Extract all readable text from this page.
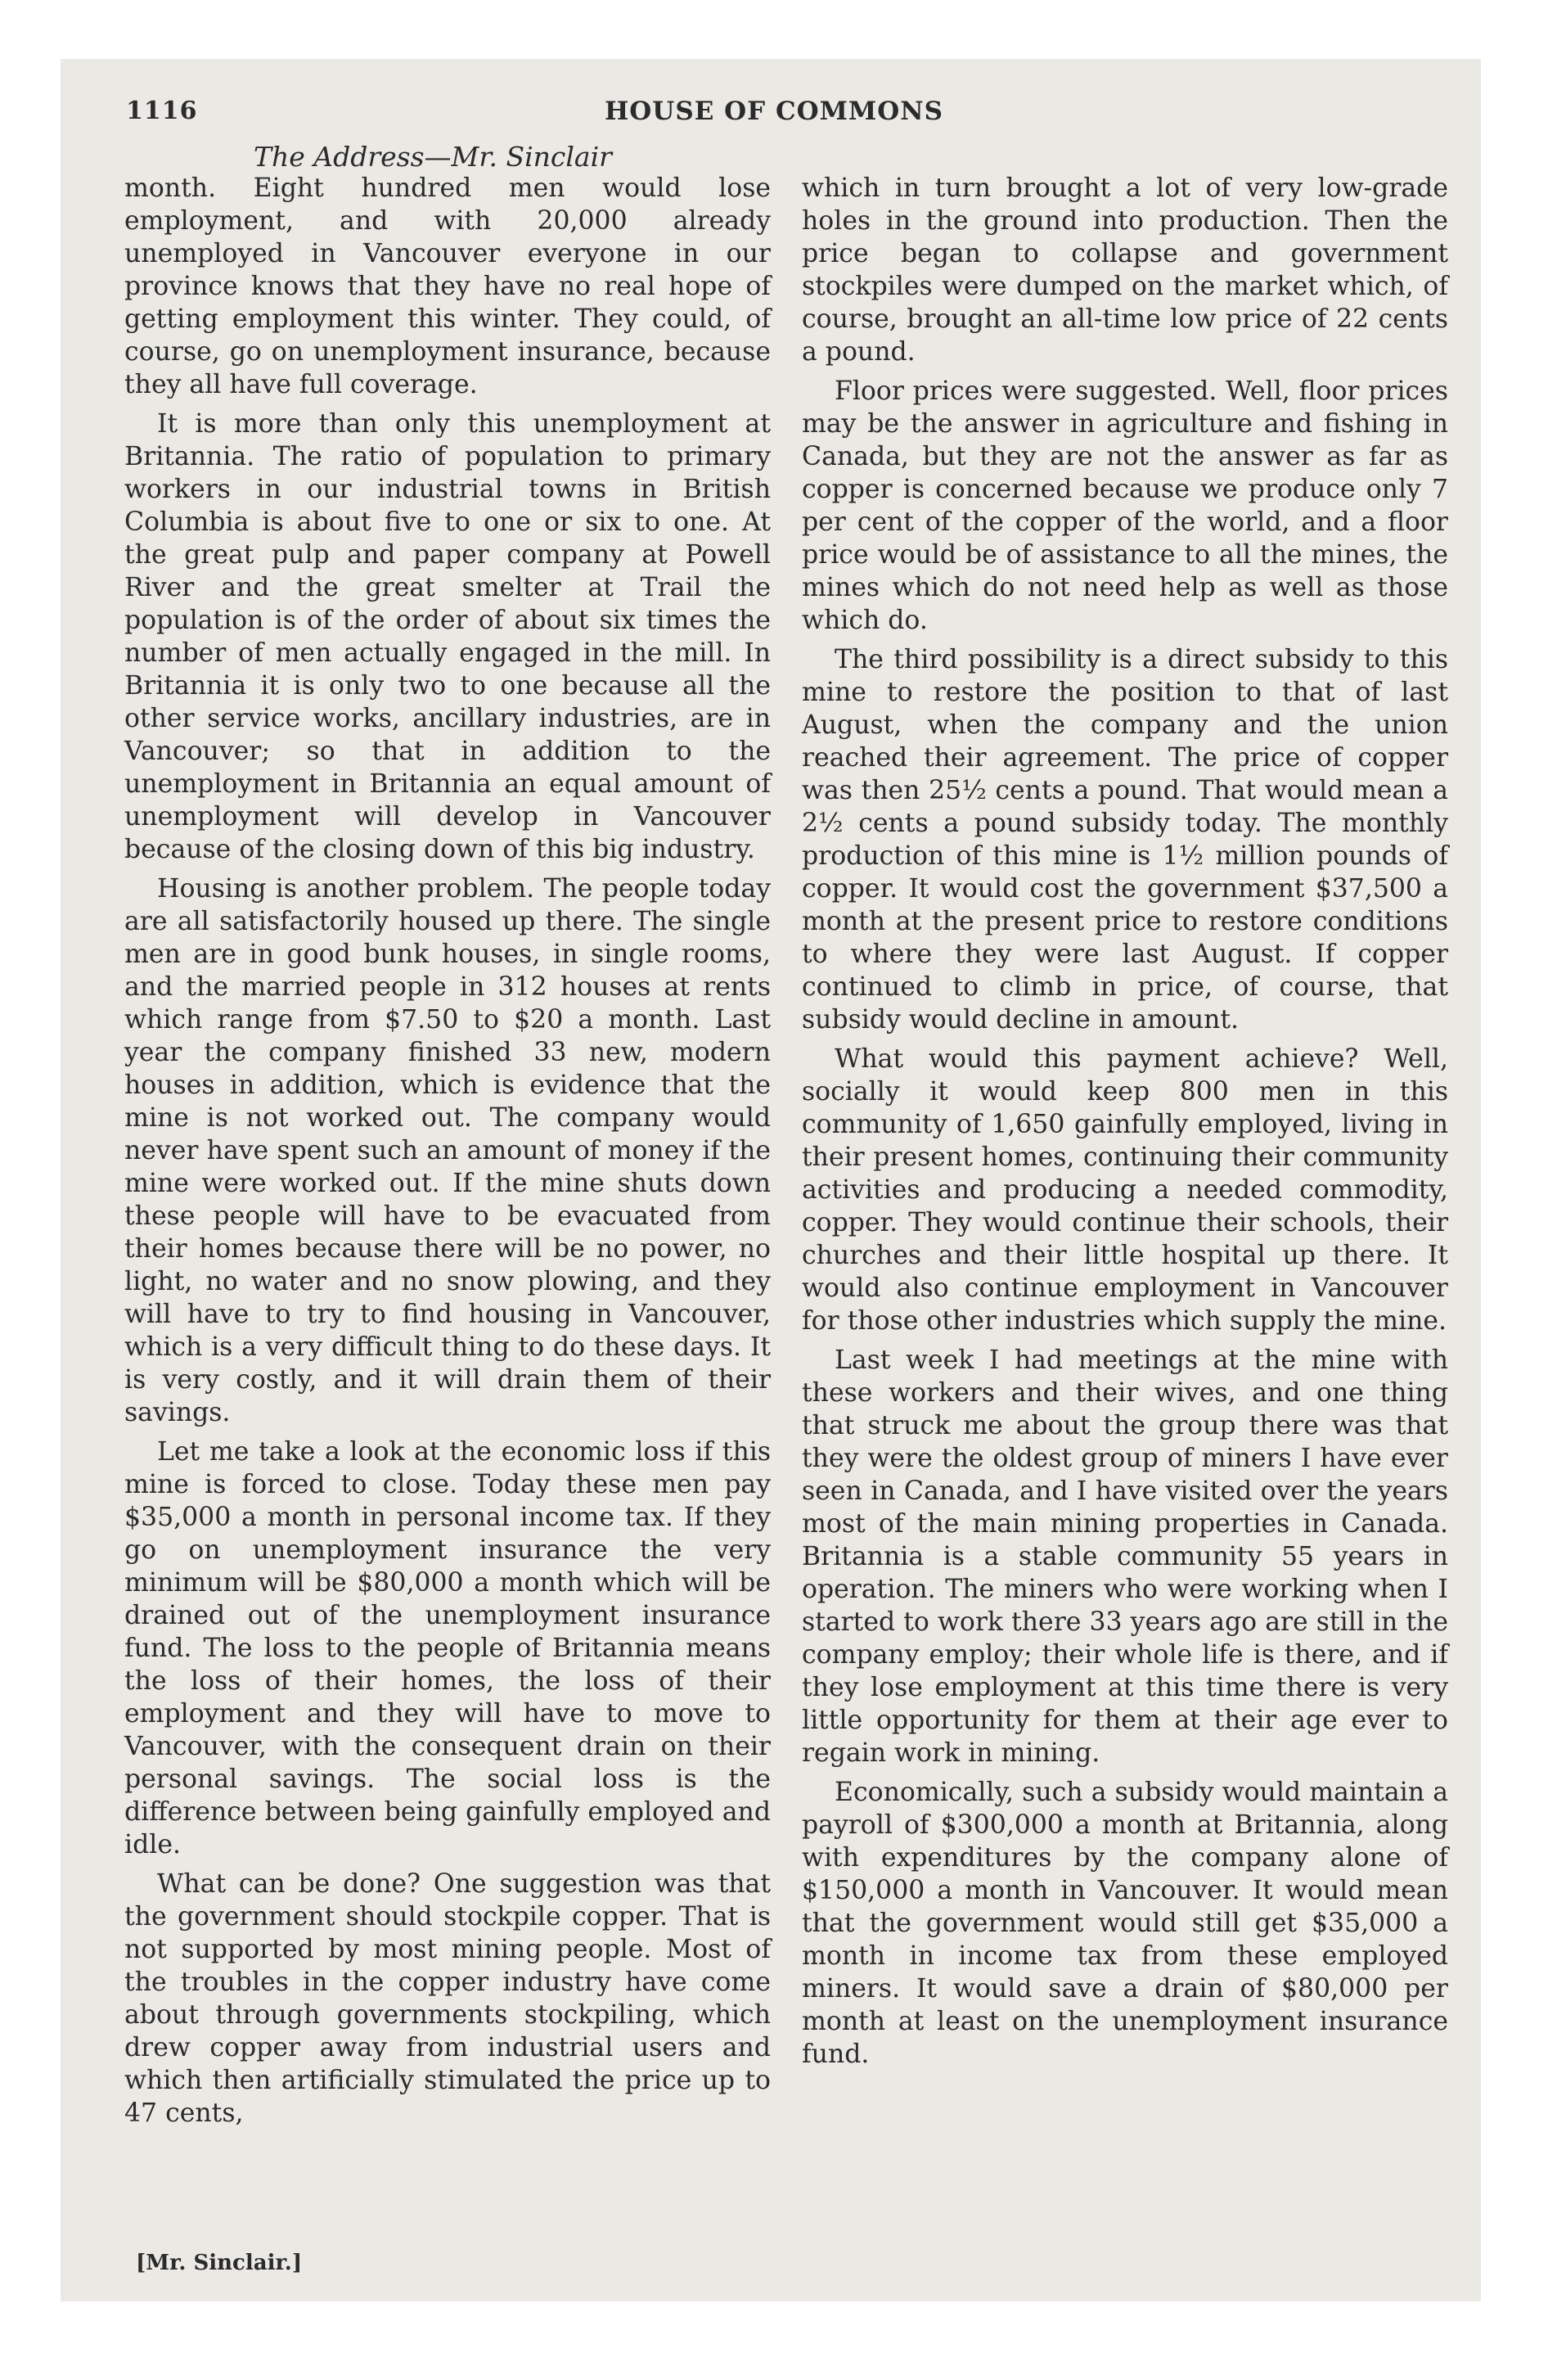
1116	HOUSE OF COMMONS
The Address—Mr. Sinclair

month. Eight hundred men would lose employment, and with 20,000 already unemployed in Vancouver everyone in our province knows that they have no real hope of getting employment this winter. They could, of course, go on unemployment insurance, because they all have full coverage.

It is more than only this unemployment at Britannia. The ratio of population to primary workers in our industrial towns in British Columbia is about five to one or six to one. At the great pulp and paper company at Powell River and the great smelter at Trail the population is of the order of about six times the number of men actually engaged in the mill. In Britannia it is only two to one because all the other service works, ancillary industries, are in Vancouver; so that in addition to the unemployment in Britannia an equal amount of unemployment will develop in Vancouver because of the closing down of this big industry.

Housing is another problem. The people today are all satisfactorily housed up there. The single men are in good bunk houses, in single rooms, and the married people in 312 houses at rents which range from $7.50 to $20 a month. Last year the company finished 33 new, modern houses in addition, which is evidence that the mine is not worked out. The company would never have spent such an amount of money if the mine were worked out. If the mine shuts down these people will have to be evacuated from their homes because there will be no power, no light, no water and no snow plowing, and they will have to try to find housing in Vancouver, which is a very difficult thing to do these days. It is very costly, and it will drain them of their savings.

Let me take a look at the economic loss if this mine is forced to close. Today these men pay $35,000 a month in personal income tax. If they go on unemployment insurance the very minimum will be $80,000 a month which will be drained out of the unemployment insurance fund. The loss to the people of Britannia means the loss of their homes, the loss of their employment and they will have to move to Vancouver, with the consequent drain on their personal savings. The social loss is the difference between being gainfully employed and idle.

What can be done? One suggestion was that the government should stockpile copper. That is not supported by most mining people. Most of the troubles in the copper industry have come about through governments stockpiling, which drew copper away from industrial users and which then artificially stimulated the price up to 47 cents,

which in turn brought a lot of very low-grade holes in the ground into production. Then the price began to collapse and government stockpiles were dumped on the market which, of course, brought an all-time low price of 22 cents a pound.

Floor prices were suggested. Well, floor prices may be the answer in agriculture and fishing in Canada, but they are not the answer as far as copper is concerned because we produce only 7 per cent of the copper of the world, and a floor price would be of assistance to all the mines, the mines which do not need help as well as those which do.

The third possibility is a direct subsidy to this mine to restore the position to that of last August, when the company and the union reached their agreement. The price of copper was then 25½ cents a pound. That would mean a 2½ cents a pound subsidy today. The monthly production of this mine is 1½ million pounds of copper. It would cost the government $37,500 a month at the present price to restore conditions to where they were last August. If copper continued to climb in price, of course, that subsidy would decline in amount.

What would this payment achieve? Well, socially it would keep 800 men in this community of 1,650 gainfully employed, living in their present homes, continuing their community activities and producing a needed commodity, copper. They would continue their schools, their churches and their little hospital up there. It would also continue employment in Vancouver for those other industries which supply the mine.

Last week I had meetings at the mine with these workers and their wives, and one thing that struck me about the group there was that they were the oldest group of miners I have ever seen in Canada, and I have visited over the years most of the main mining properties in Canada. Britannia is a stable community 55 years in operation. The miners who were working when I started to work there 33 years ago are still in the company employ; their whole life is there, and if they lose employment at this time there is very little opportunity for them at their age ever to regain work in mining.

Economically, such a subsidy would maintain a payroll of $300,000 a month at Britannia, along with expenditures by the company alone of $150,000 a month in Vancouver. It would mean that the government would still get $35,000 a month in income tax from these employed miners. It would save a drain of $80,000 per month at least on the unemployment insurance fund.

[Mr. Sinclair.]
